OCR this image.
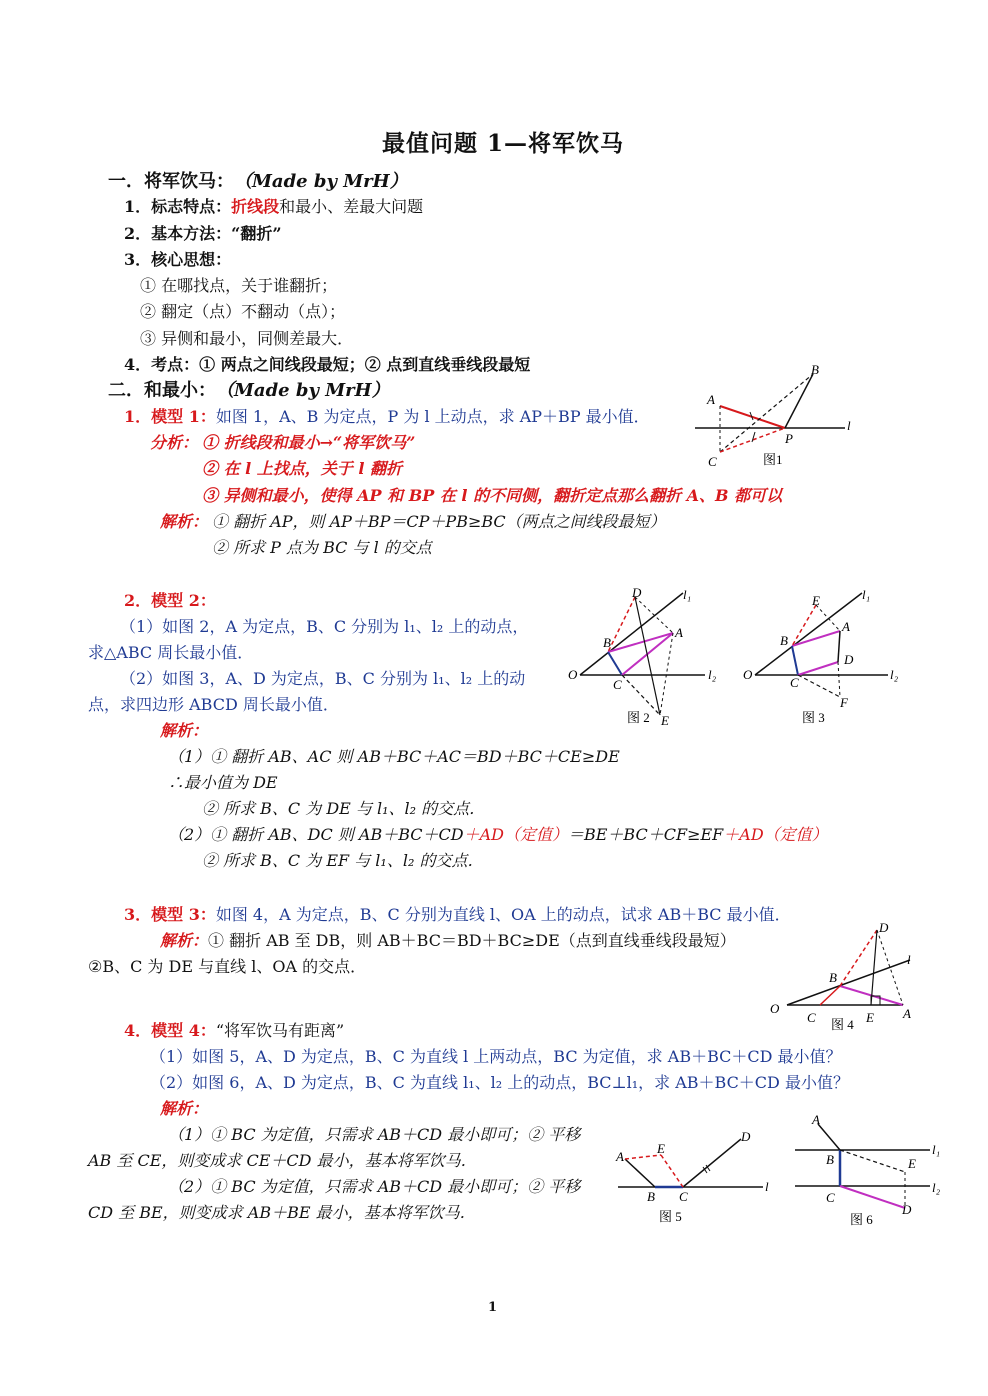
最值问题 1—将军饮马
一．将军饮马：（Made by MrH）
1．标志特点：折线段和最小、差最大问题
2．基本方法：“翻折”
3．核心思想：
① 在哪找点，关于谁翻折；
② 翻定（点）不翻动（点）；
③ 异侧和最小，同侧差最大．
4．考点：① 两点之间线段最短；② 点到直线垂线段最短
二．和最小：（Made by MrH）
1．模型 1：如图 1，A、B 为定点，P 为 l 上动点，求 AP＋BP 最小值．
分析： ① 折线段和最小→“将军饮马”
② 在 l 上找点，关于 l 翻折
③ 异侧和最小，使得 AP 和 BP 在 l 的不同侧，翻折定点那么翻折 A、B 都可以
解析： ① 翻折 AP，则 AP＋BP＝CP＋PB≥BC（两点之间线段最短）
② 所求 P 点为 BC 与 l 的交点
A
B
C
P
l
图1
2．模型 2：
（1）如图 2，A 为定点，B、C 分别为 l₁、l₂ 上的动点，
求△ABC 周长最小值．
（2）如图 3，A、D 为定点，B、C 分别为 l₁、l₂ 上的动
点，求四边形 ABCD 周长最小值．
解析：
（1）① 翻折 AB、AC 则 AB＋BC＋AC＝BD＋BC＋CE≥DE
∴最小值为 DE
② 所求 B、C 为 DE 与 l₁、l₂ 的交点．
（2）① 翻折 AB、DC 则 AB＋BC＋CD＋AD（定值）＝BE＋BC＋CF≥EF＋AD（定值）
② 所求 B、C 为 EF 与 l₁、l₂ 的交点．
D	l₁
A
B
O
C
l₂
E
图 2
E	l₁
A
B
D
O
C
l₂
F
图 3
3．模型 3：如图 4，A 为定点，B、C 分别为直线 l、OA 上的动点，试求 AB＋BC 最小值．
解析：① 翻折 AB 至 DB，则 AB＋BC＝BD＋BC≥DE（点到直线垂线段最短）
②B、C 为 DE 与直线 l、OA 的交点．
D
l
B
O
C	E A
图 4
4．模型 4：“将军饮马有距离”
（1）如图 5，A、D 为定点，B、C 为直线 l 上两动点，BC 为定值，求 AB＋BC＋CD 最小值？
（2）如图 6，A、D 为定点，B、C 为直线 l₁、l₂ 上的动点，BC⊥l₁，求 AB＋BC＋CD 最小值？
解析：
（1）① BC 为定值，只需求 AB＋CD 最小即可；② 平移
AB 至 CE，则变成求 CE＋CD 最小，基本将军饮马．
（2）① BC 为定值，只需求 AB＋CD 最小即可；② 平移
CD 至 BE，则变成求 AB＋BE 最小，基本将军饮马．
A
E
D
B C
l
图 5
A
l₁
B	E
C
l₂
D
图 6
1
